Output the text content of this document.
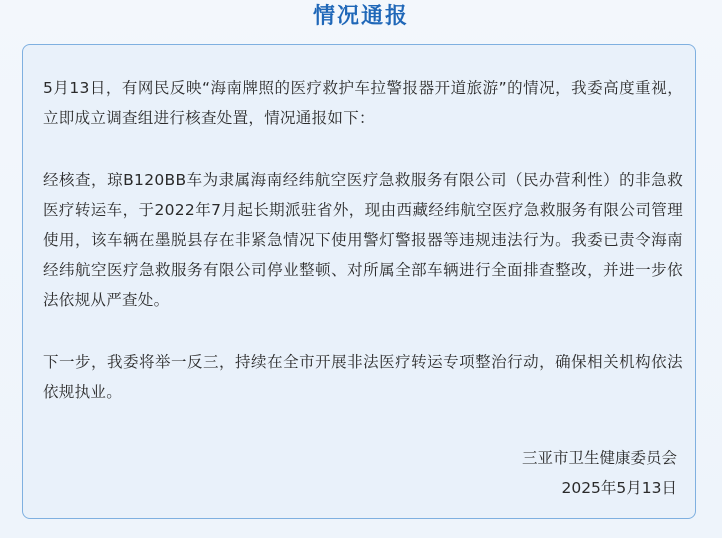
情况通报
5月13日，有网民反映“海南牌照的医疗救护车拉警报器开道旅游”的情况，我委高度重视，立即成立调查组进行核查处置，情况通报如下：
经核查，琼B120BB车为隶属海南经纬航空医疗急救服务有限公司（民办营利性）的非急救医疗转运车，于2022年7月起长期派驻省外，现由西藏经纬航空医疗急救服务有限公司管理使用，该车辆在墨脱县存在非紧急情况下使用警灯警报器等违规违法行为。我委已责令海南经纬航空医疗急救服务有限公司停业整顿、对所属全部车辆进行全面排查整改，并进一步依法依规从严查处。
下一步，我委将举一反三，持续在全市开展非法医疗转运专项整治行动，确保相关机构依法依规执业。
三亚市卫生健康委员会
2025年5月13日
